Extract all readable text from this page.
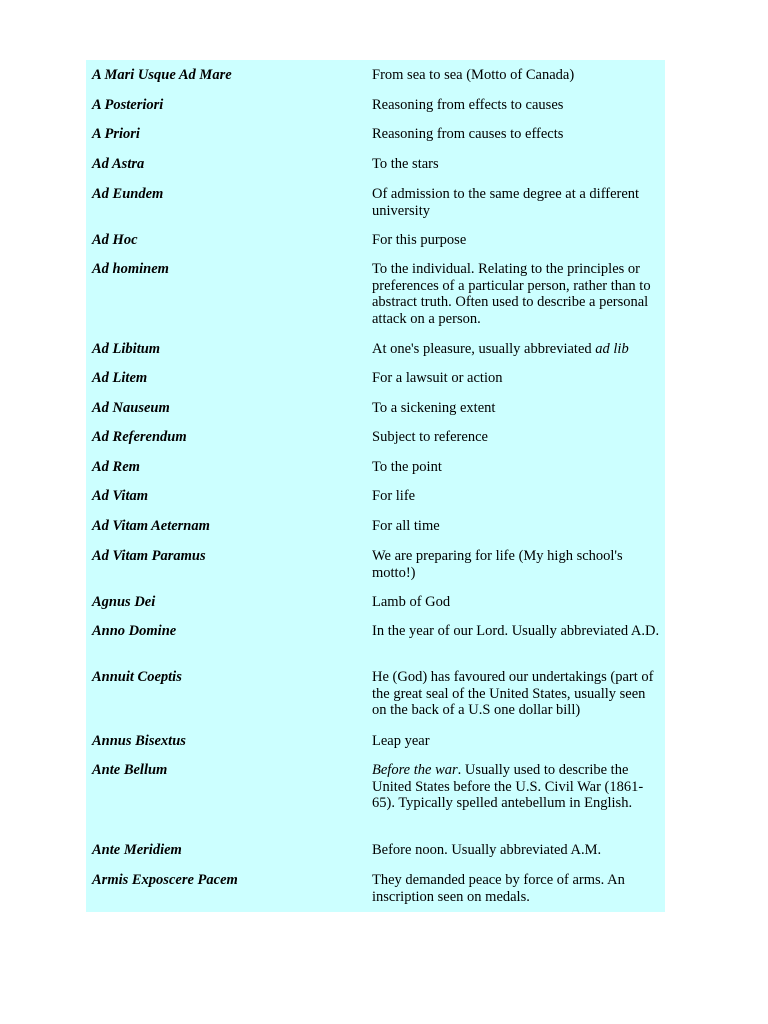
A Mari Usque Ad Mare	From sea to sea (Motto of Canada)
A Posteriori	Reasoning from effects to causes
A Priori	Reasoning from causes to effects
Ad Astra	To the stars
Ad Eundem	Of admission to the same degree at a different university
Ad Hoc	For this purpose
Ad hominem	To the individual. Relating to the principles or preferences of a particular person, rather than to abstract truth. Often used to describe a personal attack on a person.
Ad Libitum	At one's pleasure, usually abbreviated ad lib
Ad Litem	For a lawsuit or action
Ad Nauseum	To a sickening extent
Ad Referendum	Subject to reference
Ad Rem	To the point
Ad Vitam	For life
Ad Vitam Aeternam	For all time
Ad Vitam Paramus	We are preparing for life (My high school's motto!)
Agnus Dei	Lamb of God
Anno Domine	In the year of our Lord. Usually abbreviated A.D.
Annuit Coeptis	He (God) has favoured our undertakings (part of the great seal of the United States, usually seen on the back of a U.S one dollar bill)
Annus Bisextus	Leap year
Ante Bellum	Before the war. Usually used to describe the United States before the U.S. Civil War (1861-65). Typically spelled antebellum in English.
Ante Meridiem	Before noon. Usually abbreviated A.M.
Armis Exposcere Pacem	They demanded peace by force of arms. An inscription seen on medals.
